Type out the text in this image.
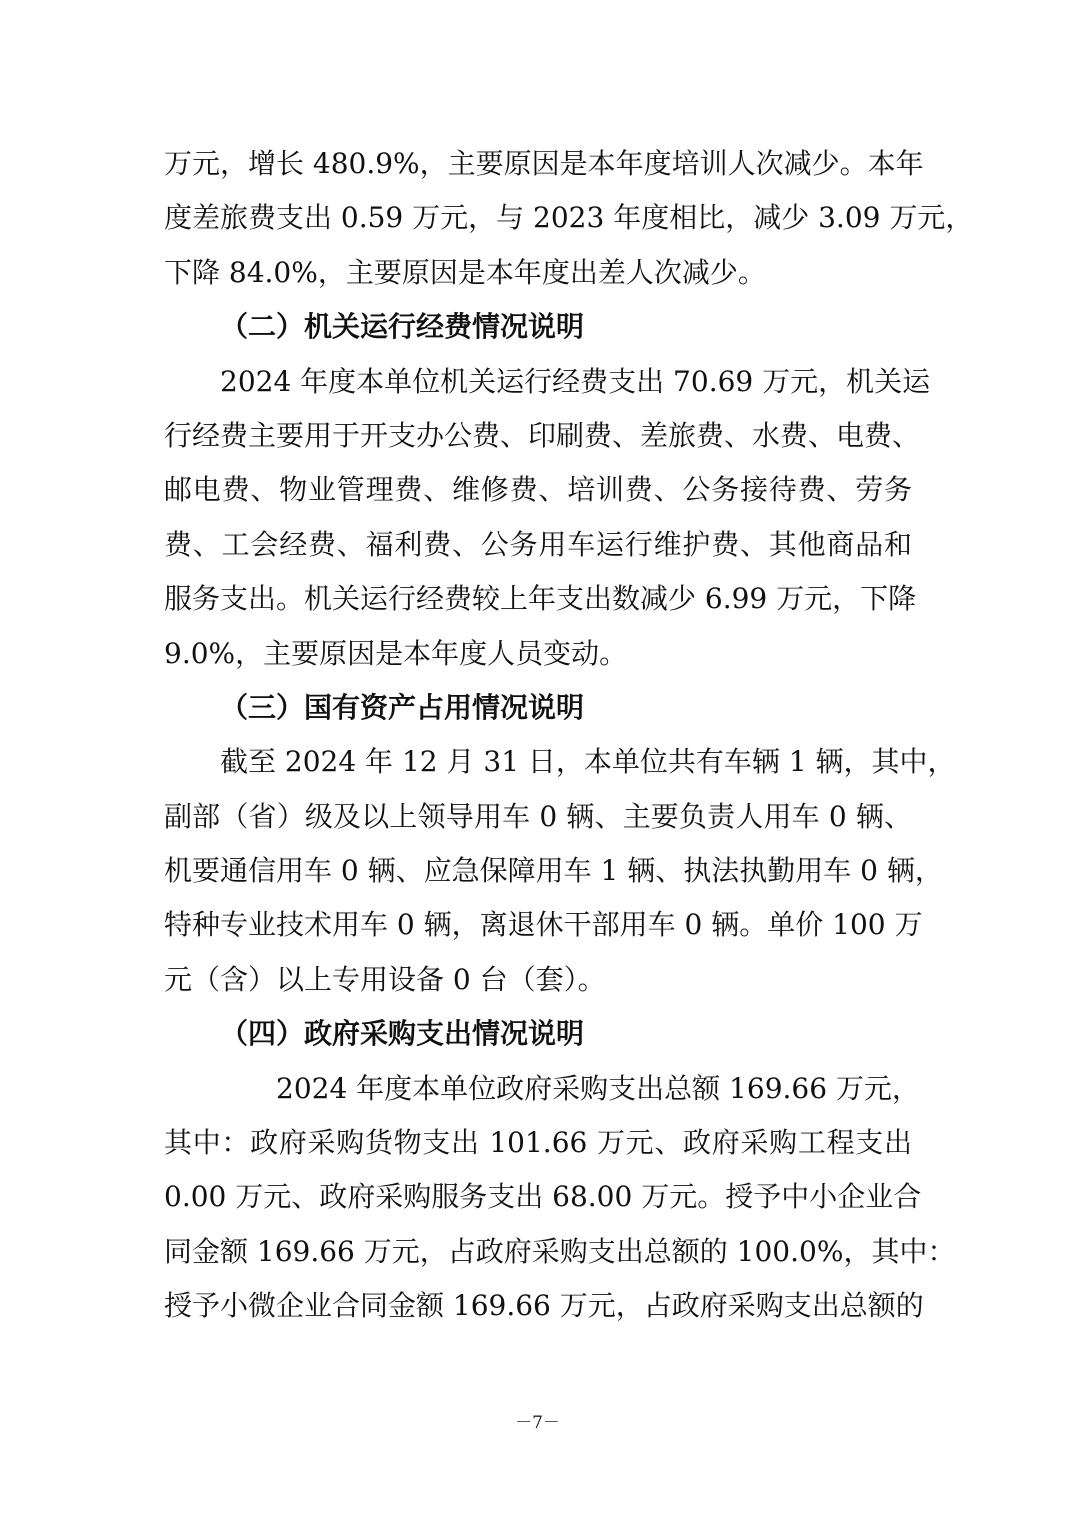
万元，增长 480.9%，主要原因是本年度培训人次减少。本年
度差旅费支出 0.59 万元，与 2023 年度相比，减少 3.09 万元，
下降 84.0%，主要原因是本年度出差人次减少。
（二）机关运行经费情况说明
2024 年度本单位机关运行经费支出 70.69 万元，机关运
行经费主要用于开支办公费、印刷费、差旅费、水费、电费、
邮电费、物业管理费、维修费、培训费、公务接待费、劳务
费、工会经费、福利费、公务用车运行维护费、其他商品和
服务支出。机关运行经费较上年支出数减少 6.99 万元，下降
9.0%，主要原因是本年度人员变动。
（三）国有资产占用情况说明
截至 2024 年 12 月 31 日，本单位共有车辆 1 辆，其中，
副部（省）级及以上领导用车 0 辆、主要负责人用车 0 辆、
机要通信用车 0 辆、应急保障用车 1 辆、执法执勤用车 0 辆，
特种专业技术用车 0 辆，离退休干部用车 0 辆。单价 100 万
元（含）以上专用设备 0 台（套）。
（四）政府采购支出情况说明
2024 年度本单位政府采购支出总额 169.66 万元，
其中：政府采购货物支出 101.66 万元、政府采购工程支出
0.00 万元、政府采购服务支出 68.00 万元。授予中小企业合
同金额 169.66 万元，占政府采购支出总额的 100.0%，其中：
授予小微企业合同金额 169.66 万元，占政府采购支出总额的
－7－
